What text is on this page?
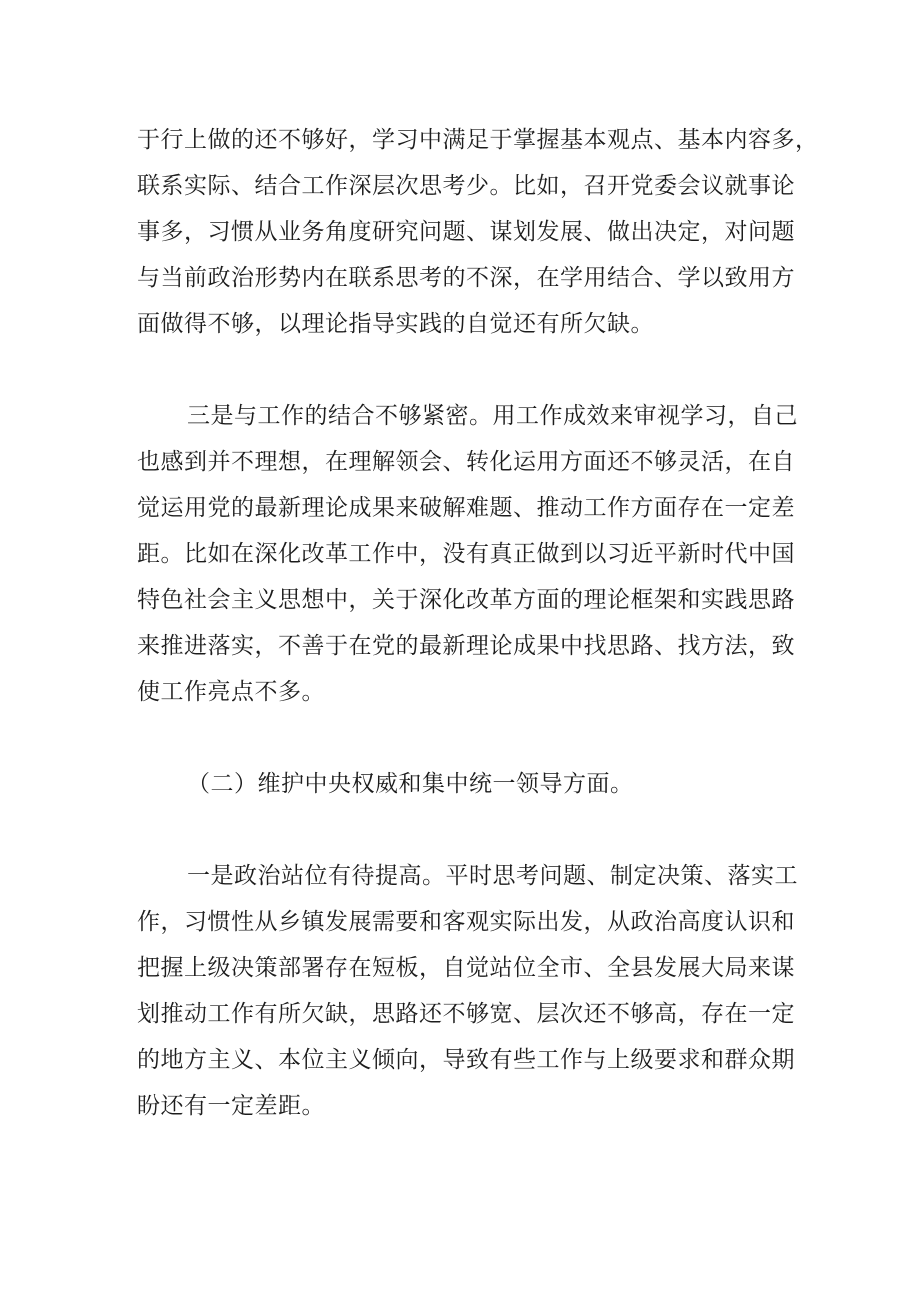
于行上做的还不够好，学习中满足于掌握基本观点、基本内容多，

联系实际、结合工作深层次思考少。比如，召开党委会议就事论

事多，习惯从业务角度研究问题、谋划发展、做出决定，对问题

与当前政治形势内在联系思考的不深，在学用结合、学以致用方

面做得不够，以理论指导实践的自觉还有所欠缺。

三是与工作的结合不够紧密。用工作成效来审视学习，自己

也感到并不理想，在理解领会、转化运用方面还不够灵活，在自

觉运用党的最新理论成果来破解难题、推动工作方面存在一定差

距。比如在深化改革工作中，没有真正做到以习近平新时代中国

特色社会主义思想中，关于深化改革方面的理论框架和实践思路

来推进落实，不善于在党的最新理论成果中找思路、找方法，致

使工作亮点不多。

（二）维护中央权威和集中统一领导方面。

一是政治站位有待提高。平时思考问题、制定决策、落实工

作，习惯性从乡镇发展需要和客观实际出发，从政治高度认识和

把握上级决策部署存在短板，自觉站位全市、全县发展大局来谋

划推动工作有所欠缺，思路还不够宽、层次还不够高，存在一定

的地方主义、本位主义倾向，导致有些工作与上级要求和群众期

盼还有一定差距。
